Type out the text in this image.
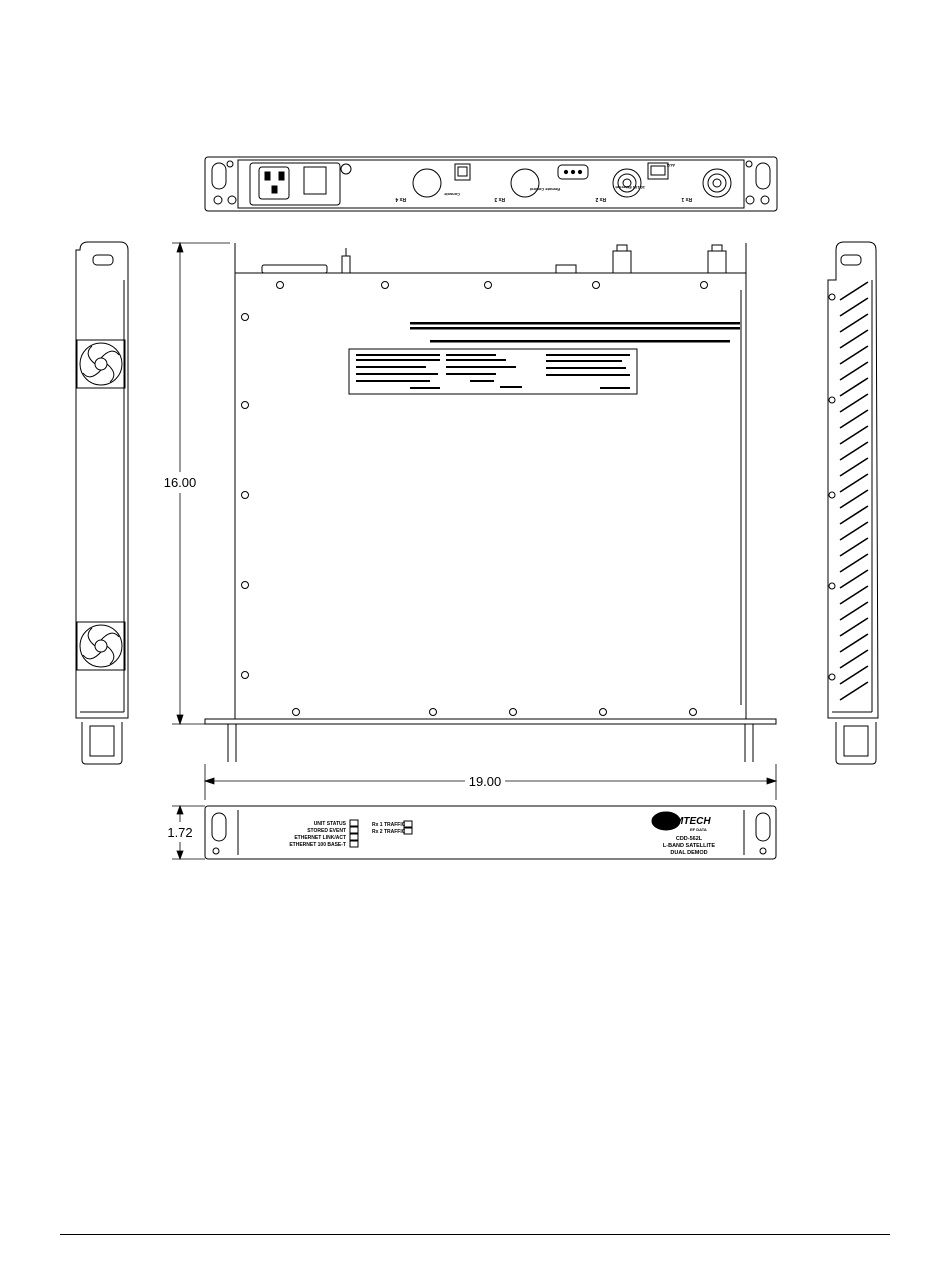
Rx 4	Rx 3	Rx 2	Rx 1
Console
Remote Control	10/100 Ethernet
AUX
UNIT STATUS
STORED EVENT
ETHERNET LINK/ACT
ETHERNET 100 BASE-T
Rx 1 TRAFFIC
Rx 2 TRAFFIC
COMTECH
EF DATA
CDD-562L
L-BAND SATELLITE
DUAL DEMOD
16.00
19.00
1.72
